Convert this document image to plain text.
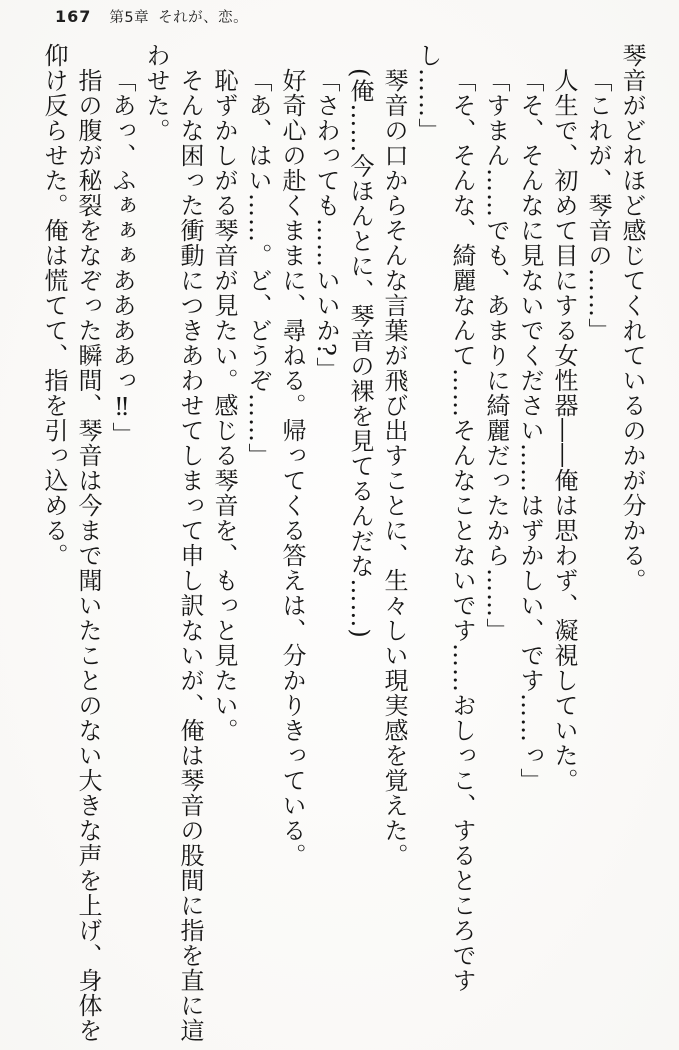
167 第5章 それが、恋。

琴音がどれほど感じてくれているのかが分かる。

「これが、琴音の……」

人生で、初めて目にする女性器――俺は思わず、凝視していた。

「そ、そんなに見ないでください……はずかしい、です……っ」

「すまん……でも、あまりに綺麗だったから……」

「そ、そんな、綺麗なんて……そんなことないです……おしっこ、するところですし……」

琴音の口からそんな言葉が飛び出すことに、生々しい現実感を覚えた。

(俺……今ほんとに、琴音の裸を見てるんだな……)

「さわっても……いいか?」

好奇心の赴くままに、尋ねる。帰ってくる答えは、分かりきっている。

「あ、はい……。ど、どうぞ……」

恥ずかしがる琴音が見たい。感じる琴音を、もっと見たい。

そんな困った衝動につきあわせてしまって申し訳ないが、俺は琴音の股間に指を直に這わせた。

「あっ、ふぁぁぁああああっ‼」

指の腹が秘裂をなぞった瞬間、琴音は今まで聞いたことのない大きな声を上げ、身体を仰け反らせた。俺は慌てて、指を引っ込める。
